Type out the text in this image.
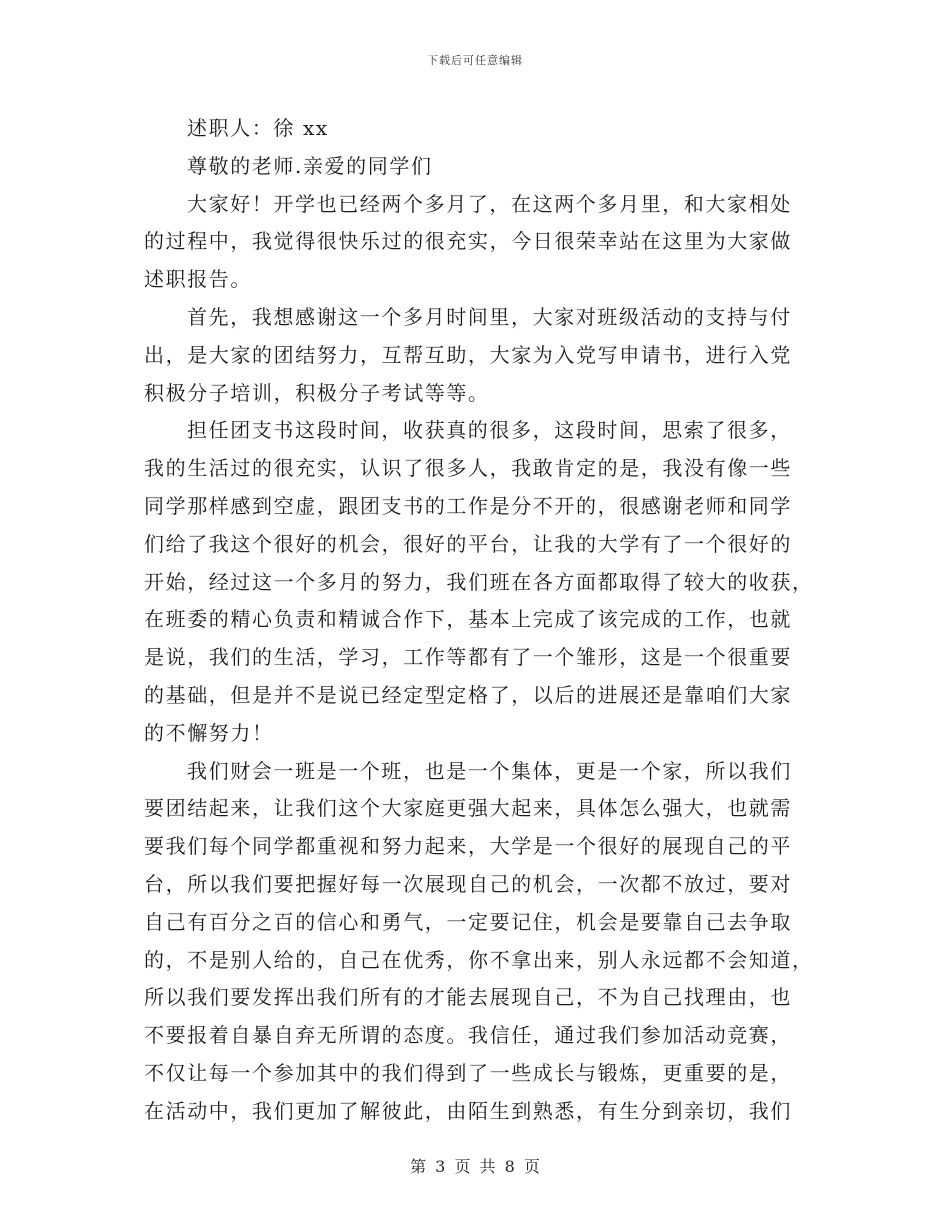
下载后可任意编辑
述职人：徐 xx
尊敬的老师.亲爱的同学们
大家好！开学也已经两个多月了，在这两个多月里，和大家相处
的过程中，我觉得很快乐过的很充实，今日很荣幸站在这里为大家做
述职报告。
首先，我想感谢这一个多月时间里，大家对班级活动的支持与付
出，是大家的团结努力，互帮互助，大家为入党写申请书，进行入党
积极分子培训，积极分子考试等等。
担任团支书这段时间，收获真的很多，这段时间，思索了很多，
我的生活过的很充实，认识了很多人，我敢肯定的是，我没有像一些
同学那样感到空虚，跟团支书的工作是分不开的，很感谢老师和同学
们给了我这个很好的机会，很好的平台，让我的大学有了一个很好的
开始，经过这一个多月的努力，我们班在各方面都取得了较大的收获，
在班委的精心负责和精诚合作下，基本上完成了该完成的工作，也就
是说，我们的生活，学习，工作等都有了一个雏形，这是一个很重要
的基础，但是并不是说已经定型定格了，以后的进展还是靠咱们大家
的不懈努力！
我们财会一班是一个班，也是一个集体，更是一个家，所以我们
要团结起来，让我们这个大家庭更强大起来，具体怎么强大，也就需
要我们每个同学都重视和努力起来，大学是一个很好的展现自己的平
台，所以我们要把握好每一次展现自己的机会，一次都不放过，要对
自己有百分之百的信心和勇气，一定要记住，机会是要靠自己去争取
的，不是别人给的，自己在优秀，你不拿出来，别人永远都不会知道，
所以我们要发挥出我们所有的才能去展现自己，不为自己找理由，也
不要报着自暴自弃无所谓的态度。我信任，通过我们参加活动竞赛，
不仅让每一个参加其中的我们得到了一些成长与锻炼，更重要的是，
在活动中，我们更加了解彼此，由陌生到熟悉，有生分到亲切，我们
第 3 页 共 8 页
